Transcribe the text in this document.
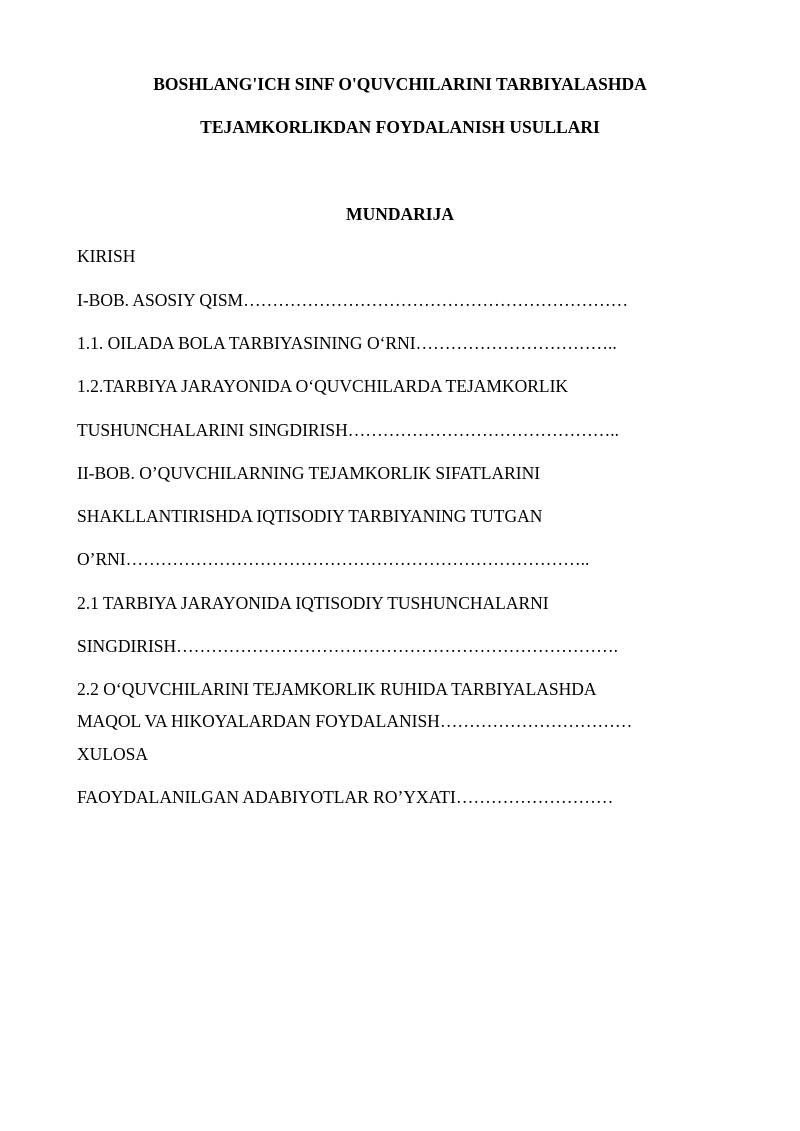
BOSHLANG'ICH SINF O'QUVCHILARINI TARBIYALASHDA
TEJAMKORLIKDAN FOYDALANISH USULLARI
MUNDARIJA
KIRISH
I-BOB. ASOSIY QISM…………………………………………………………
1.1. OILADA BOLA TARBIYASINING O‘RNI……………………………..
1.2.TARBIYA JARAYONIDA O‘QUVCHILARDA TEJAMKORLIK
TUSHUNCHALARINI SINGDIRISH………………………………………..
II-BOB. O’QUVCHILARNING TEJAMKORLIK SIFATLARINI
SHAKLLANTIRISHDA IQTISODIY TARBIYANING TUTGAN
O’RNI……………………………………………………………………..
2.1 TARBIYA JARAYONIDA IQTISODIY TUSHUNCHALARNI
SINGDIRISH………………………………………………………………….
2.2 O‘QUVCHILARINI TEJAMKORLIK RUHIDA TARBIYALASHDA
MAQOL VA HIKOYALARDAN FOYDALANISH……………………………
XULOSA
FAOYDALANILGAN ADABIYOTLAR RO’YXATI………………………
